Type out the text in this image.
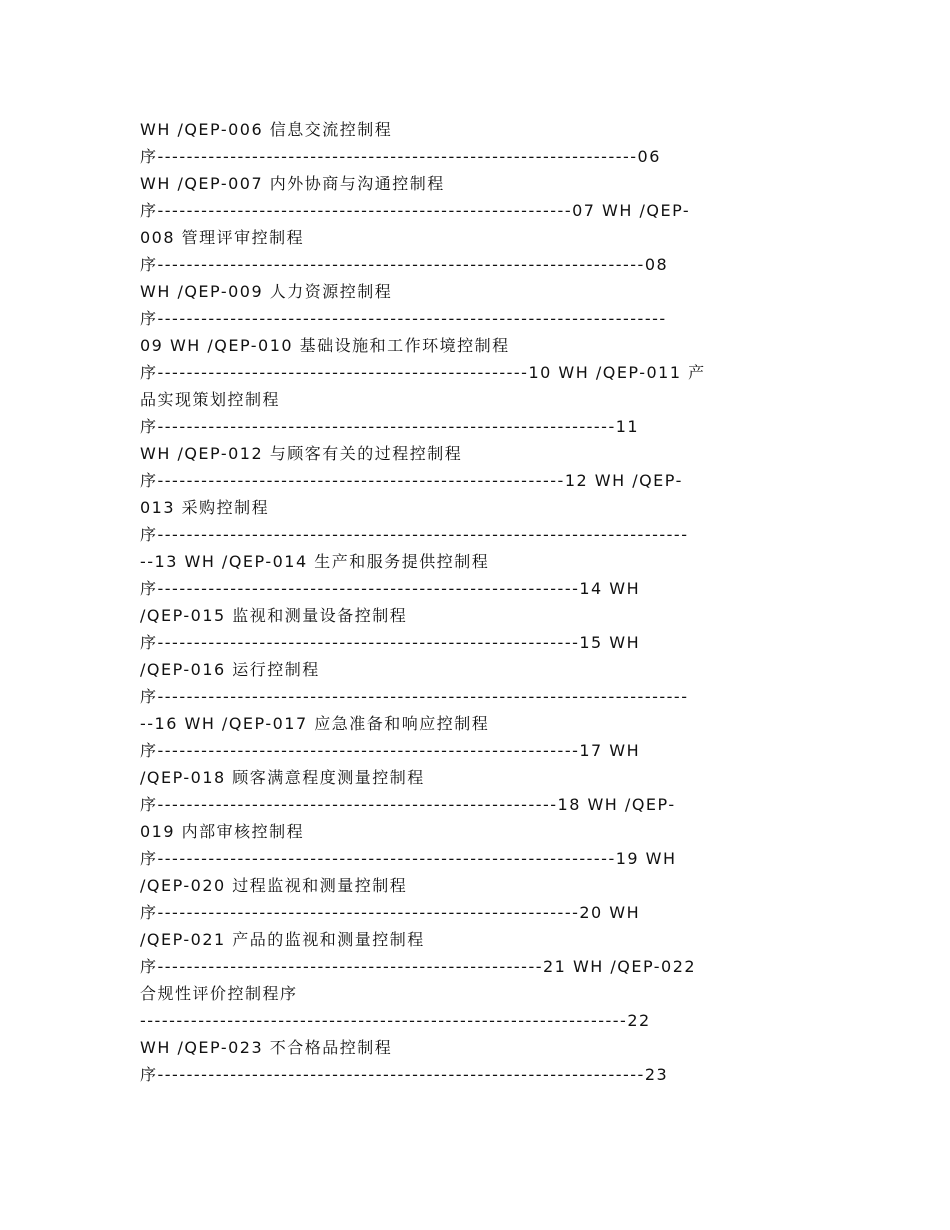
WH /QEP-006 信息交流控制程
序------------------------------------------------------------------06
WH /QEP-007 内外协商与沟通控制程
序---------------------------------------------------------07 WH /QEP-
008 管理评审控制程
序-------------------------------------------------------------------08
WH /QEP-009 人力资源控制程
序----------------------------------------------------------------------
09 WH /QEP-010 基础设施和工作环境控制程
序---------------------------------------------------10 WH /QEP-011 产
品实现策划控制程
序---------------------------------------------------------------11
WH /QEP-012 与顾客有关的过程控制程
序--------------------------------------------------------12 WH /QEP-
013 采购控制程
序-------------------------------------------------------------------------
--13 WH /QEP-014 生产和服务提供控制程
序----------------------------------------------------------14 WH
/QEP-015 监视和测量设备控制程
序----------------------------------------------------------15 WH
/QEP-016 运行控制程
序-------------------------------------------------------------------------
--16 WH /QEP-017 应急准备和响应控制程
序----------------------------------------------------------17 WH
/QEP-018 顾客满意程度测量控制程
序-------------------------------------------------------18 WH /QEP-
019 内部审核控制程
序---------------------------------------------------------------19 WH
/QEP-020 过程监视和测量控制程
序----------------------------------------------------------20 WH
/QEP-021 产品的监视和测量控制程
序-----------------------------------------------------21 WH /QEP-022
合规性评价控制程序
-------------------------------------------------------------------22
WH /QEP-023 不合格品控制程
序-------------------------------------------------------------------23
